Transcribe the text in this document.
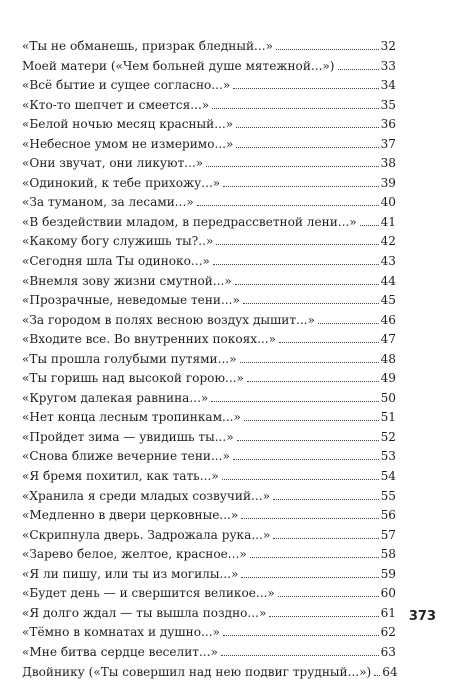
«Ты не обманешь, призрак бледный...»	32
Моей матери («Чем больней душе мятежной...»)	33
«Всё бытие и сущее согласно...»	34
«Кто-то шепчет и смеется...»	35
«Белой ночью месяц красный...»	36
«Небесное умом не измеримо...»	37
«Они звучат, они ликуют...»	38
«Одинокий, к тебе прихожу...»	39
«За туманом, за лесами...»	40
«В бездействии младом, в передрассветной лени...» 41
«Какому богу служишь ты?..»	42
«Сегодня шла Ты одиноко...»	43
«Внемля зову жизни смутной...»	44
«Прозрачные, неведомые тени...»	45
«За городом в полях весною воздух дышит...»	46
«Входите все. Во внутренних покоях...»	47
«Ты прошла голубыми путями...»	48
«Ты горишь над высокой горою...»	49
«Кругом далекая равнина...»	50
«Нет конца лесным тропинкам...»	51
«Пройдет зима — увидишь ты...»	52
«Снова ближе вечерние тени...»	53
«Я бремя похитил, как тать...»	54
«Хранила я среди младых созвучий...»	55
«Медленно в двери церковные...»	56
«Скрипнула дверь. Задрожала рука...»	57
«Зарево белое, желтое, красное...»	58
«Я ли пишу, или ты из могилы...»	59
«Будет день — и свершится великое...»	60
«Я долго ждал — ты вышла поздно...»	61
«Тёмно в комнатах и душно...»	62
«Мне битва сердце веселит...»	63
Двойнику («Ты совершил над нею подвиг трудный...») 64
373
